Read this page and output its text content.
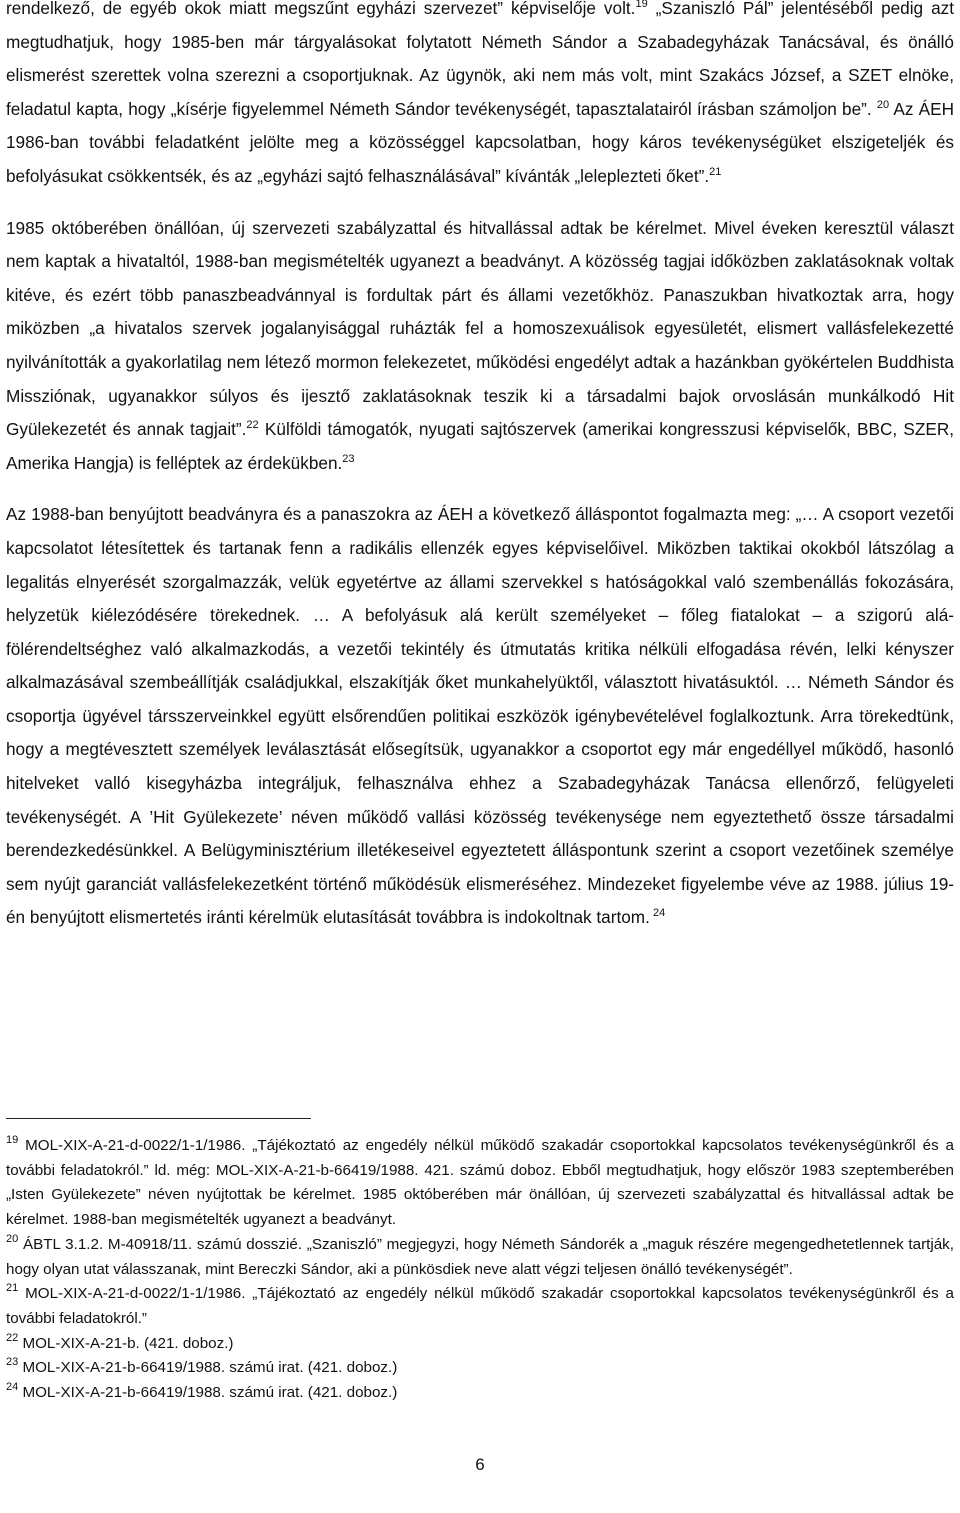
rendelkező, de egyéb okok miatt megszűnt egyházi szervezet” képviselője volt.$^{19}$ „Szaniszló Pál” jelentéséből pedig azt megtudhatjuk, hogy 1985-ben már tárgyalásokat folytatott Németh Sándor a Szabadegyházak Tanácsával, és önálló elismerést szerettek volna szerezni a csoportjuknak. Az ügynök, aki nem más volt, mint Szakács József, a SZET elnöke, feladatul kapta, hogy „kísérje figyelemmel Németh Sándor tevékenységét, tapasztalatairól írásban számoljon be”. $^{20}$ Az ÁEH 1986-ban további feladatként jelölte meg a közösséggel kapcsolatban, hogy káros tevékenységüket elszigeteljék és befolyásukat csökkentsék, és az „egyházi sajtó felhasználásával” kívánták „leleplezteti őket”.$^{21}$

1985 októberében önállóan, új szervezeti szabályzattal és hitvallással adtak be kérelmet. Mivel éveken keresztül választ nem kaptak a hivataltól, 1988-ban megismételték ugyanezt a beadványt. A közösség tagjai időközben zaklatásoknak voltak kitéve, és ezért több panaszbeadvánnyal is fordultak párt és állami vezetőkhöz. Panaszukban hivatkoztak arra, hogy miközben „a hivatalos szervek jogalanyisággal ruházták fel a homoszexuálisok egyesületét, elismert vallásfelekezetté nyilvánították a gyakorlatilag nem létező mormon felekezetet, működési engedélyt adtak a hazánkban gyökértelen Buddhista Missziónak, ugyanakkor súlyos és ijesztő zaklatásoknak teszik ki a társadalmi bajok orvoslásán munkálkodó Hit Gyülekezetét és annak tagjait”.$^{22}$ Külföldi támogatók, nyugati sajtószervek (amerikai kongresszusi képviselők, BBC, SZER, Amerika Hangja) is felléptek az érdekükben.$^{23}$

Az 1988-ban benyújtott beadványra és a panaszokra az ÁEH a következő álláspontot fogalmazta meg: „… A csoport vezetői kapcsolatot létesítettek és tartanak fenn a radikális ellenzék egyes képviselőivel. Miközben taktikai okokból látszólag a legalitás elnyerését szorgalmazzák, velük egyetértve az állami szervekkel s hatóságokkal való szembenállás fokozására, helyzetük kiélezódésére törekednek. … A befolyásuk alá került személyeket – főleg fiatalokat – a szigorú alá- fölérendeltséghez való alkalmazkodás, a vezetői tekintély és útmutatás kritika nélküli elfogadása révén, lelki kényszer alkalmazásával szembeállítják családjukkal, elszakítják őket munkahelyüktől, választott hivatásuktól. … Németh Sándor és csoportja ügyével társszerveinkkel együtt elsőrendűen politikai eszközök igénybevételével foglalkoztunk. Arra törekedtünk, hogy a megtévesztett személyek leválasztását elősegítsük, ugyanakkor a csoportot egy már engedéllyel működő, hasonló hitelveket valló kisegyházba integráljuk, felhasználva ehhez a Szabadegyházak Tanácsa ellenőrző, felügyeleti tevékenységét. A ’Hit Gyülekezete’ néven működő vallási közösség tevékenysége nem egyeztethető össze társadalmi berendezkedésünkkel. A Belügyminisztérium illetékeseivel egyeztetett álláspontunk szerint a csoport vezetőinek személye sem nyújt garanciát vallásfelekezetként történő működésük elismeréséhez. Mindezeket figyelembe véve az 1988. július 19-én benyújtott elismertetés iránti kérelmük elutasítását továbbra is indokoltnak tartom. $^{24}$

$^{19}$ MOL-XIX-A-21-d-0022/1-1/1986. „Tájékoztató az engedély nélkül működő szakadár csoportokkal kapcsolatos tevékenységünkről és a további feladatokról.” ld. még: MOL-XIX-A-21-b-66419/1988. 421. számú doboz. Ebből megtudhatjuk, hogy először 1983 szeptemberében „Isten Gyülekezete” néven nyújtottak be kérelmet. 1985 októberében már önállóan, új szervezeti szabályzattal és hitvallással adtak be kérelmet. 1988-ban megismételték ugyanezt a beadványt.

$^{20}$ ÁBTL 3.1.2. M-40918/11. számú dosszié. „Szaniszló” megjegyzi, hogy Németh Sándorék a „maguk részére megengedhetetlennek tartják, hogy olyan utat válasszanak, mint Bereczki Sándor, aki a pünkösdiek neve alatt végzi teljesen önálló tevékenységét”.

$^{21}$ MOL-XIX-A-21-d-0022/1-1/1986. „Tájékoztató az engedély nélkül működő szakadár csoportokkal kapcsolatos tevékenységünkről és a további feladatokról.”

$^{22}$ MOL-XIX-A-21-b. (421. doboz.)

$^{23}$ MOL-XIX-A-21-b-66419/1988. számú irat. (421. doboz.)

$^{24}$ MOL-XIX-A-21-b-66419/1988. számú irat. (421. doboz.)

6
